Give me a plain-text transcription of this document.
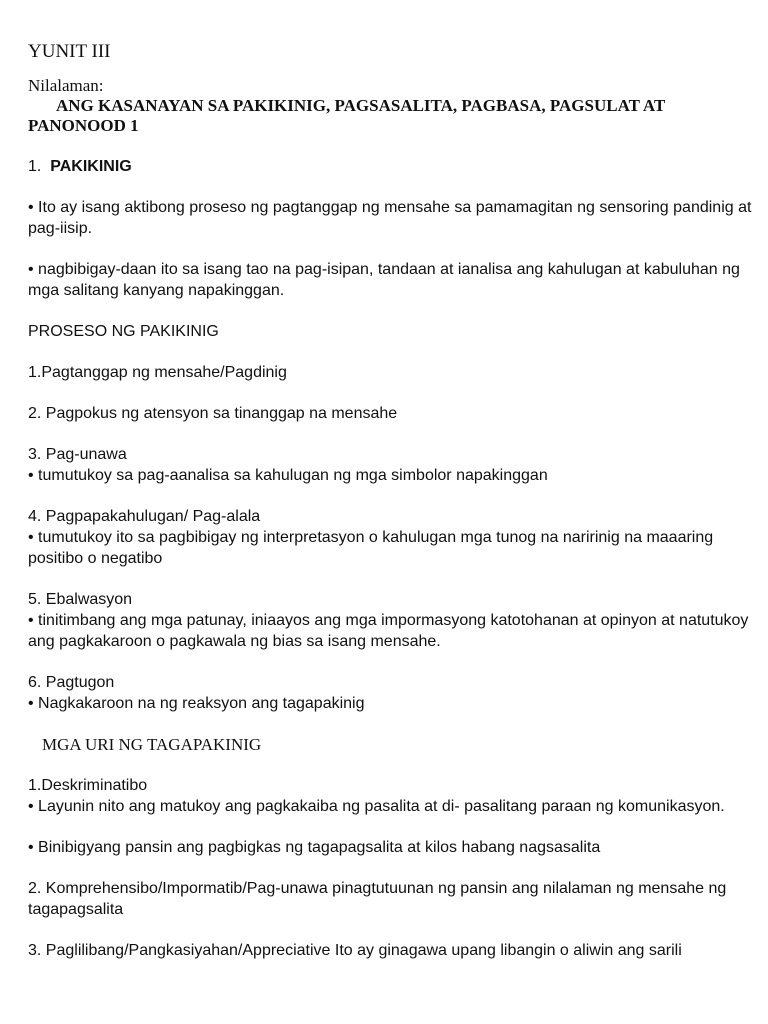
YUNIT III

Nilalaman:

ANG KASANAYAN SA PAKIKINIG, PAGSASALITA, PAGBASA, PAGSULAT AT PANONOOD 1

1. PAKIKINIG

• Ito ay isang aktibong proseso ng pagtanggap ng mensahe sa pamamagitan ng sensoring pandinig at pag-iisip.

• nagbibigay-daan ito sa isang tao na pag-isipan, tandaan at ianalisa ang kahulugan at kabuluhan ng mga salitang kanyang napakinggan.

PROSESO NG PAKIKINIG

1.Pagtanggap ng mensahe/Pagdinig

2. Pagpokus ng atensyon sa tinanggap na mensahe

3. Pag-unawa

• tumutukoy sa pag-aanalisa sa kahulugan ng mga simbolor napakinggan

4. Pagpapakahulugan/ Pag-alala

• tumutukoy ito sa pagbibigay ng interpretasyon o kahulugan mga tunog na naririnig na maaaring positibo o negatibo

5. Ebalwasyon

• tinitimbang ang mga patunay, iniaayos ang mga impormasyong katotohanan at opinyon at natutukoy ang pagkakaroon o pagkawala ng bias sa isang mensahe.

6. Pagtugon

• Nagkakaroon na ng reaksyon ang tagapakinig

MGA URI NG TAGAPAKINIG

1.Deskriminatibo

• Layunin nito ang matukoy ang pagkakaiba ng pasalita at di- pasalitang paraan ng komunikasyon.

• Binibigyang pansin ang pagbigkas ng tagapagsalita at kilos habang nagsasalita

2. Komprehensibo/Impormatib/Pag-unawa pinagtutuunan ng pansin ang nilalaman ng mensahe ng tagapagsalita

3. Paglilibang/Pangkasiyahan/Appreciative Ito ay ginagawa upang libangin o aliwin ang sarili
